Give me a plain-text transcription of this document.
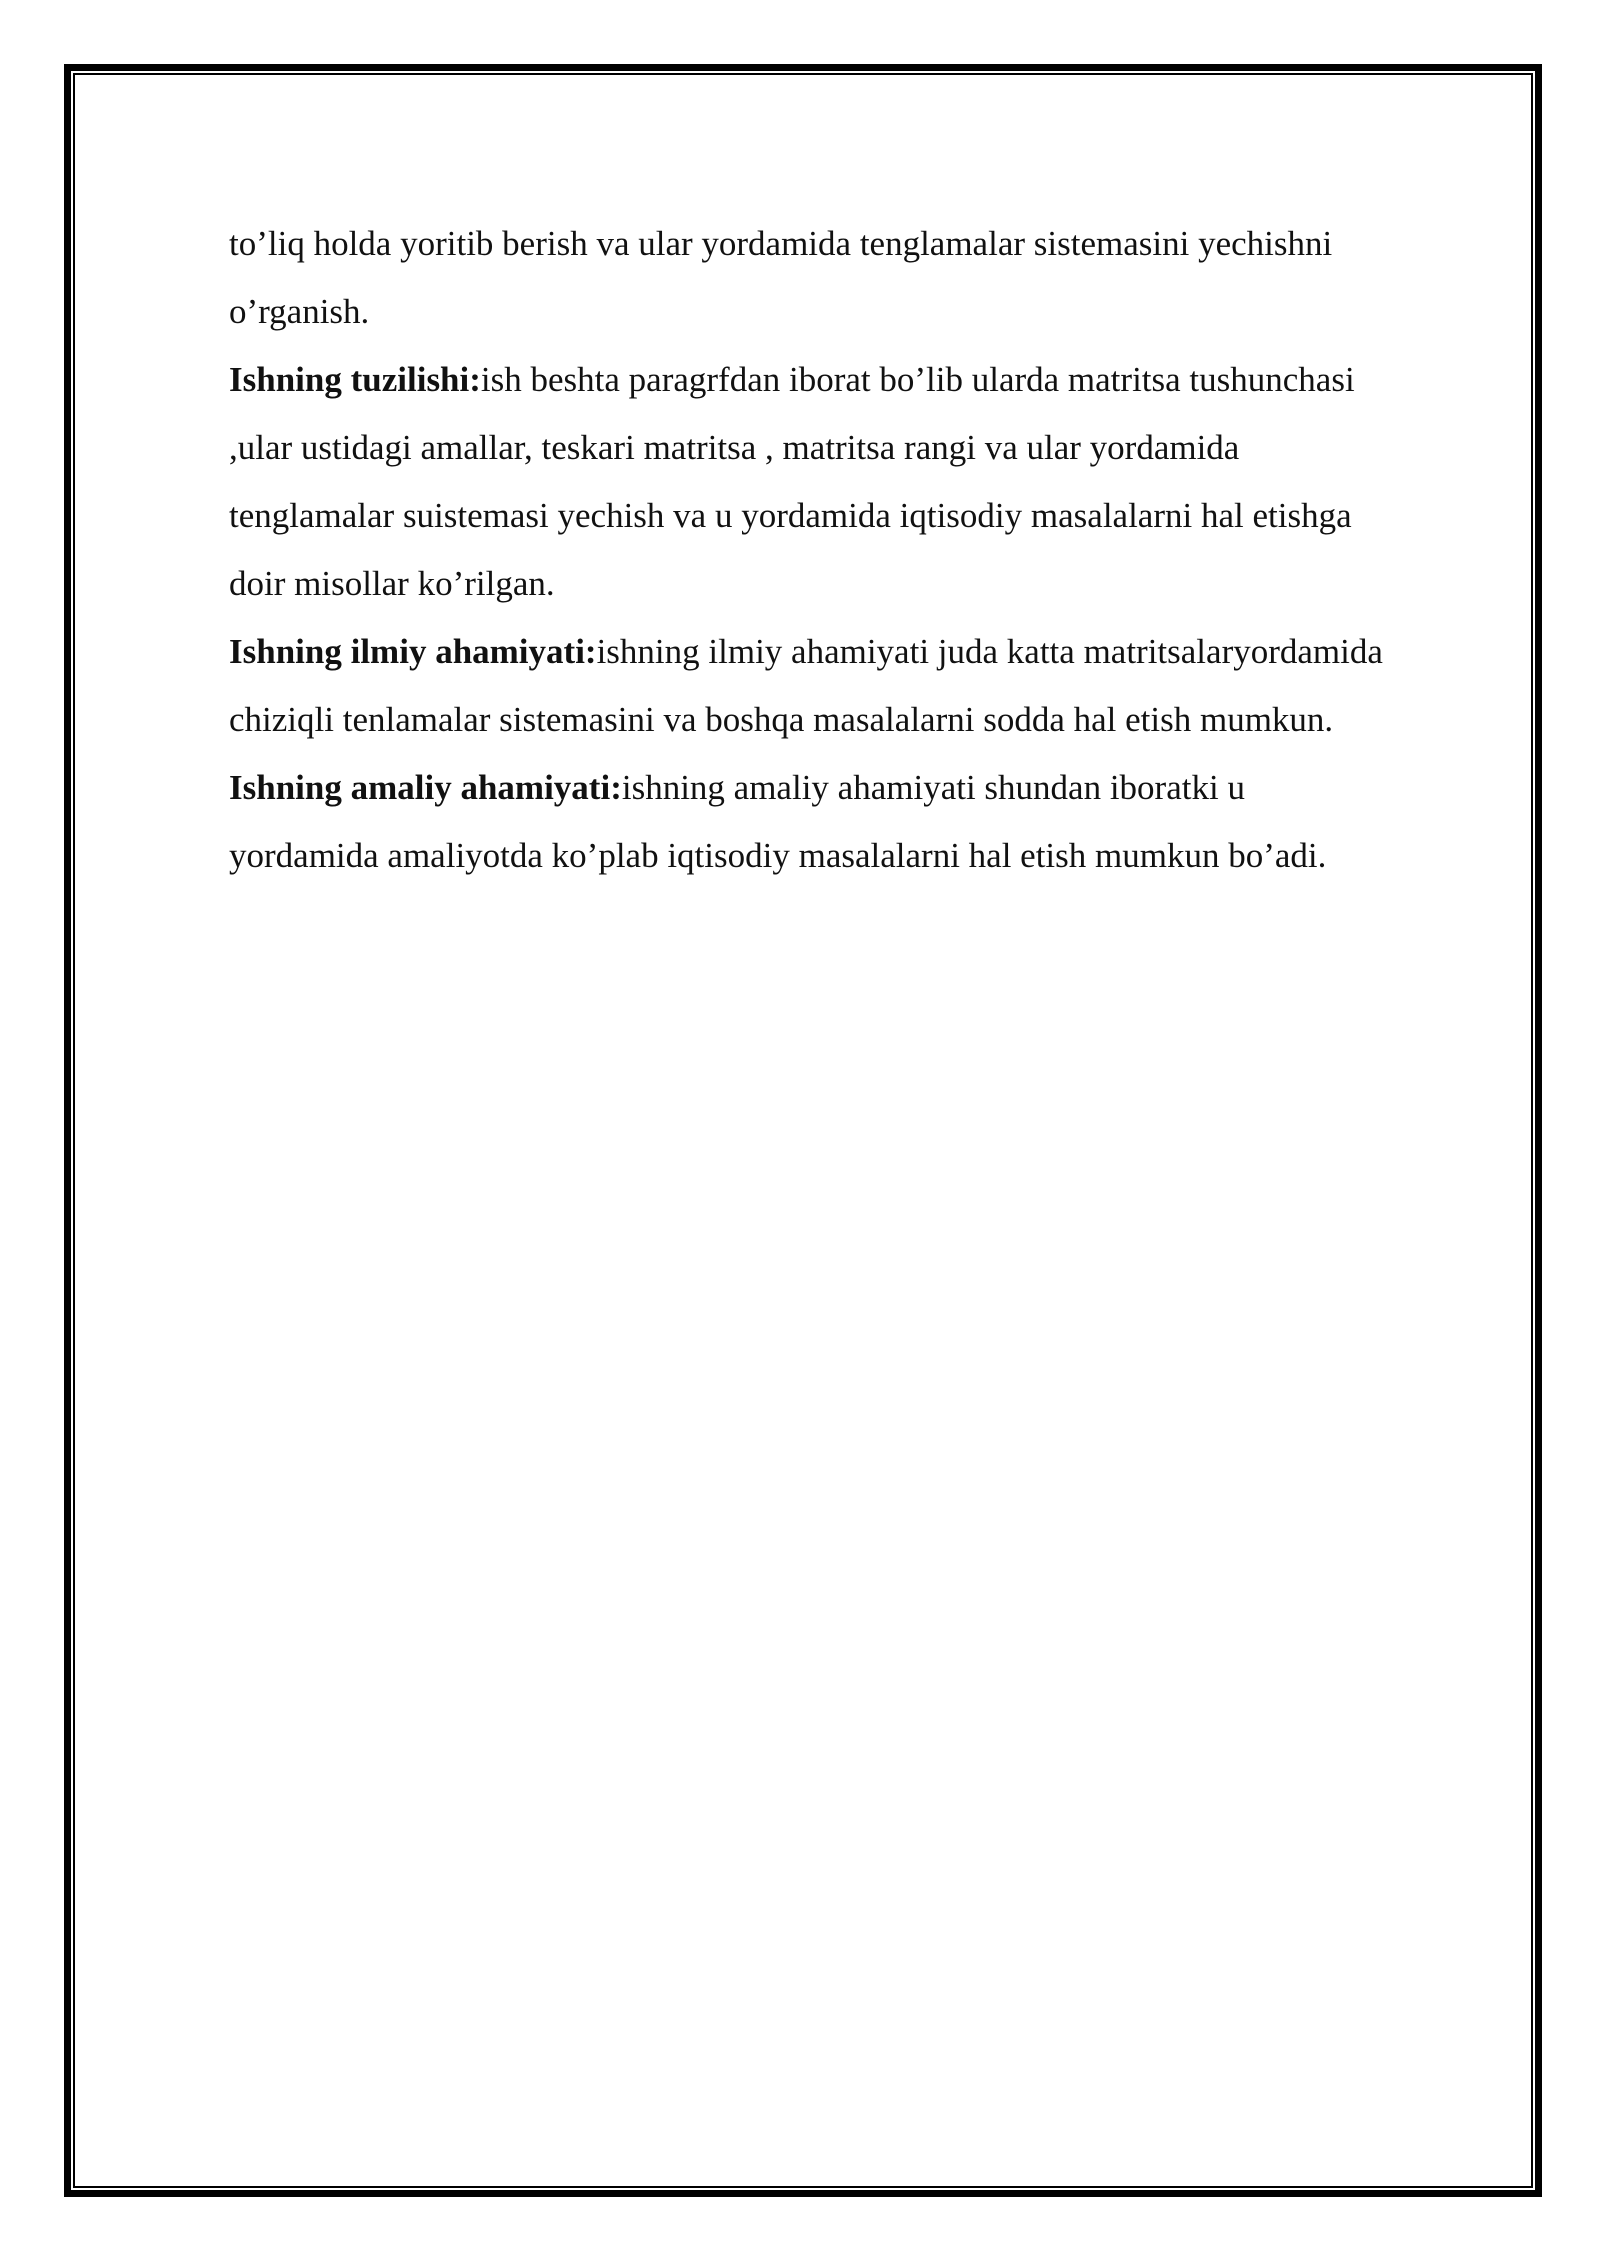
to’liq holda yoritib berish va ular yordamida tenglamalar sistemasini yechishni
o’rganish.
Ishning tuzilishi:ish beshta paragrfdan iborat bo’lib ularda matritsa tushunchasi
,ular ustidagi amallar, teskari matritsa , matritsa rangi va ular yordamida
tenglamalar suistemasi yechish va u yordamida iqtisodiy masalalarni hal etishga
doir misollar ko’rilgan.
Ishning ilmiy ahamiyati:ishning ilmiy ahamiyati juda katta matritsalaryordamida
chiziqli tenlamalar sistemasini va boshqa masalalarni sodda hal etish mumkun.
Ishning amaliy ahamiyati:ishning amaliy ahamiyati shundan iboratki u
yordamida amaliyotda ko’plab iqtisodiy masalalarni hal etish mumkun bo’adi.
